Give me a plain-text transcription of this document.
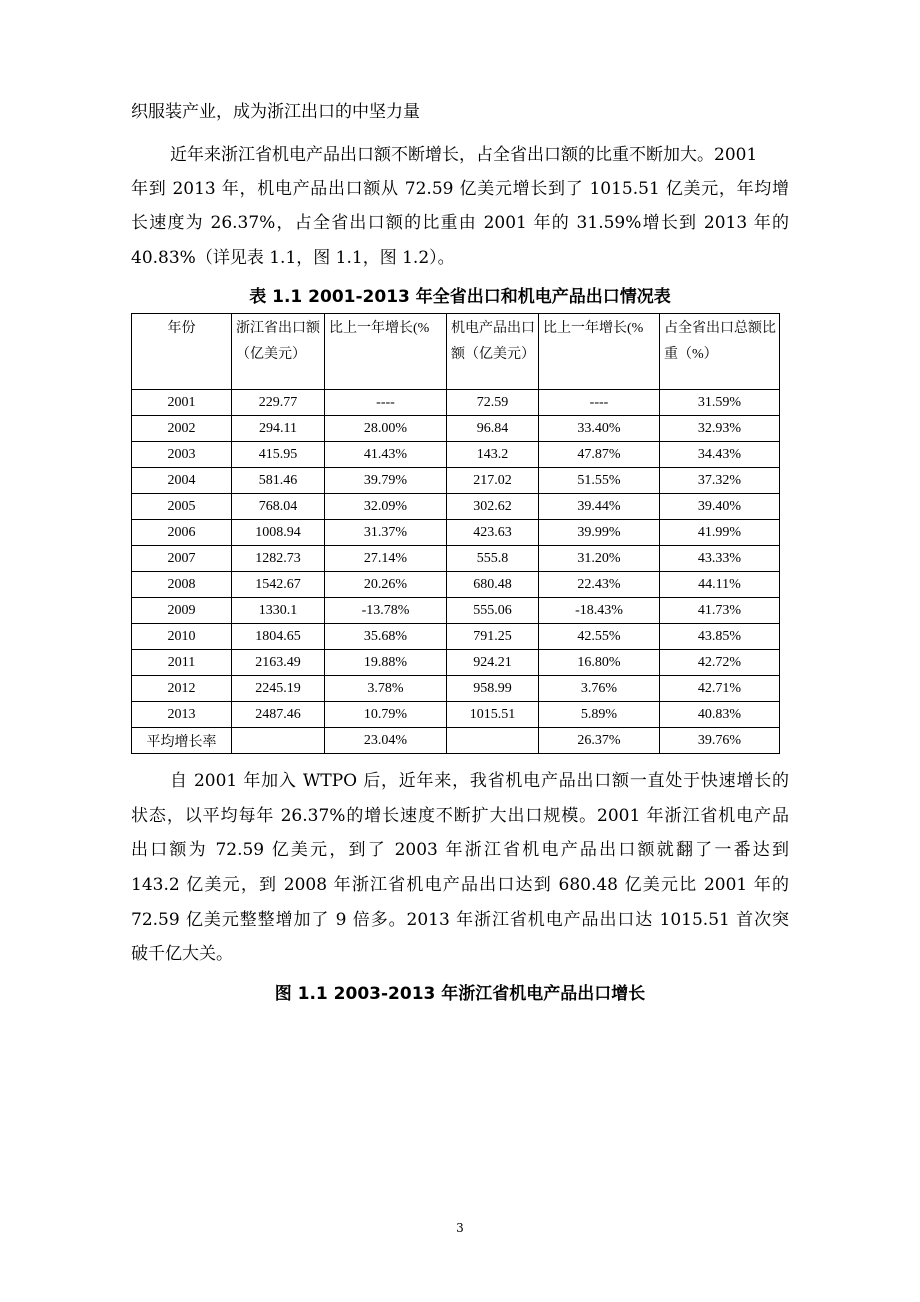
织服装产业，成为浙江出口的中坚力量
近年来浙江省机电产品出口额不断增长，占全省出口额的比重不断加大。2001
年到 2013 年，机电产品出口额从 72.59 亿美元增长到了 1015.51 亿美元，年均增
长速度为 26.37%，占全省出口额的比重由 2001 年的 31.59%增长到 2013 年的
40.83%（详见表 1.1，图 1.1，图 1.2）。
表 1.1 2001-2013 年全省出口和机电产品出口情况表
年份	浙江省出口额（亿美元）	比上一年增长(%	机电产品出口额（亿美元）	比上一年增长(%	占全省出口总额比重（%）
2001	229.77	----	72.59	----	31.59%
2002	294.11	28.00%	96.84	33.40%	32.93%
2003	415.95	41.43%	143.2	47.87%	34.43%
2004	581.46	39.79%	217.02	51.55%	37.32%
2005	768.04	32.09%	302.62	39.44%	39.40%
2006	1008.94	31.37%	423.63	39.99%	41.99%
2007	1282.73	27.14%	555.8	31.20%	43.33%
2008	1542.67	20.26%	680.48	22.43%	44.11%
2009	1330.1	-13.78%	555.06	-18.43%	41.73%
2010	1804.65	35.68%	791.25	42.55%	43.85%
2011	2163.49	19.88%	924.21	16.80%	42.72%
2012	2245.19	3.78%	958.99	3.76%	42.71%
2013	2487.46	10.79%	1015.51	5.89%	40.83%
平均增长率		23.04%		26.37%	39.76%
自 2001 年加入 WTPO 后，近年来，我省机电产品出口额一直处于快速增长的
状态，以平均每年 26.37%的增长速度不断扩大出口规模。2001 年浙江省机电产品
出口额为 72.59 亿美元，到了 2003 年浙江省机电产品出口额就翻了一番达到
143.2 亿美元，到 2008 年浙江省机电产品出口达到 680.48 亿美元比 2001 年的
72.59 亿美元整整增加了 9 倍多。2013 年浙江省机电产品出口达 1015.51 首次突
破千亿大关。
图 1.1 2003-2013 年浙江省机电产品出口增长
3
